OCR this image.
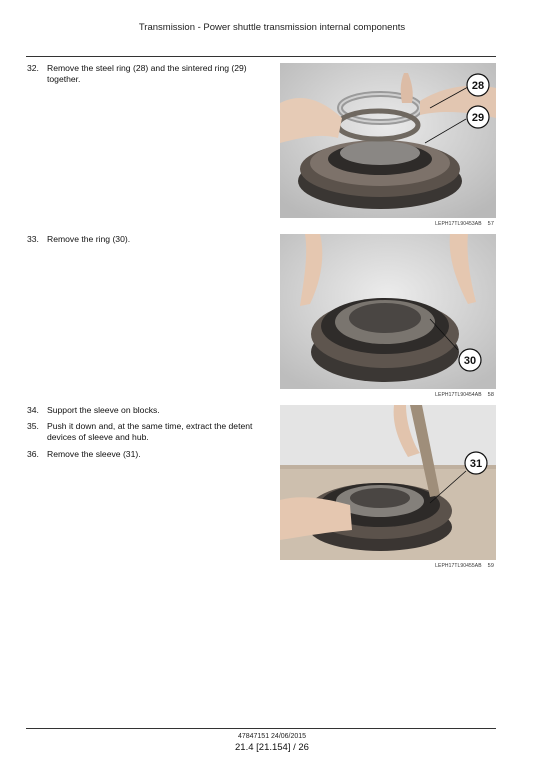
Transmission - Power shuttle transmission internal components
32. Remove the steel ring (28) and the sintered ring (29) together.
28
29
LEPH17TL90453AB 57
33. Remove the ring (30).
30
LEPH17TL90454AB 58
34. Support the sleeve on blocks.
35. Push it down and, at the same time, extract the detent devices of sleeve and hub.
36. Remove the sleeve (31).
31
LEPH17TL90455AB 59
47847151 24/06/2015
21.4 [21.154] / 26
